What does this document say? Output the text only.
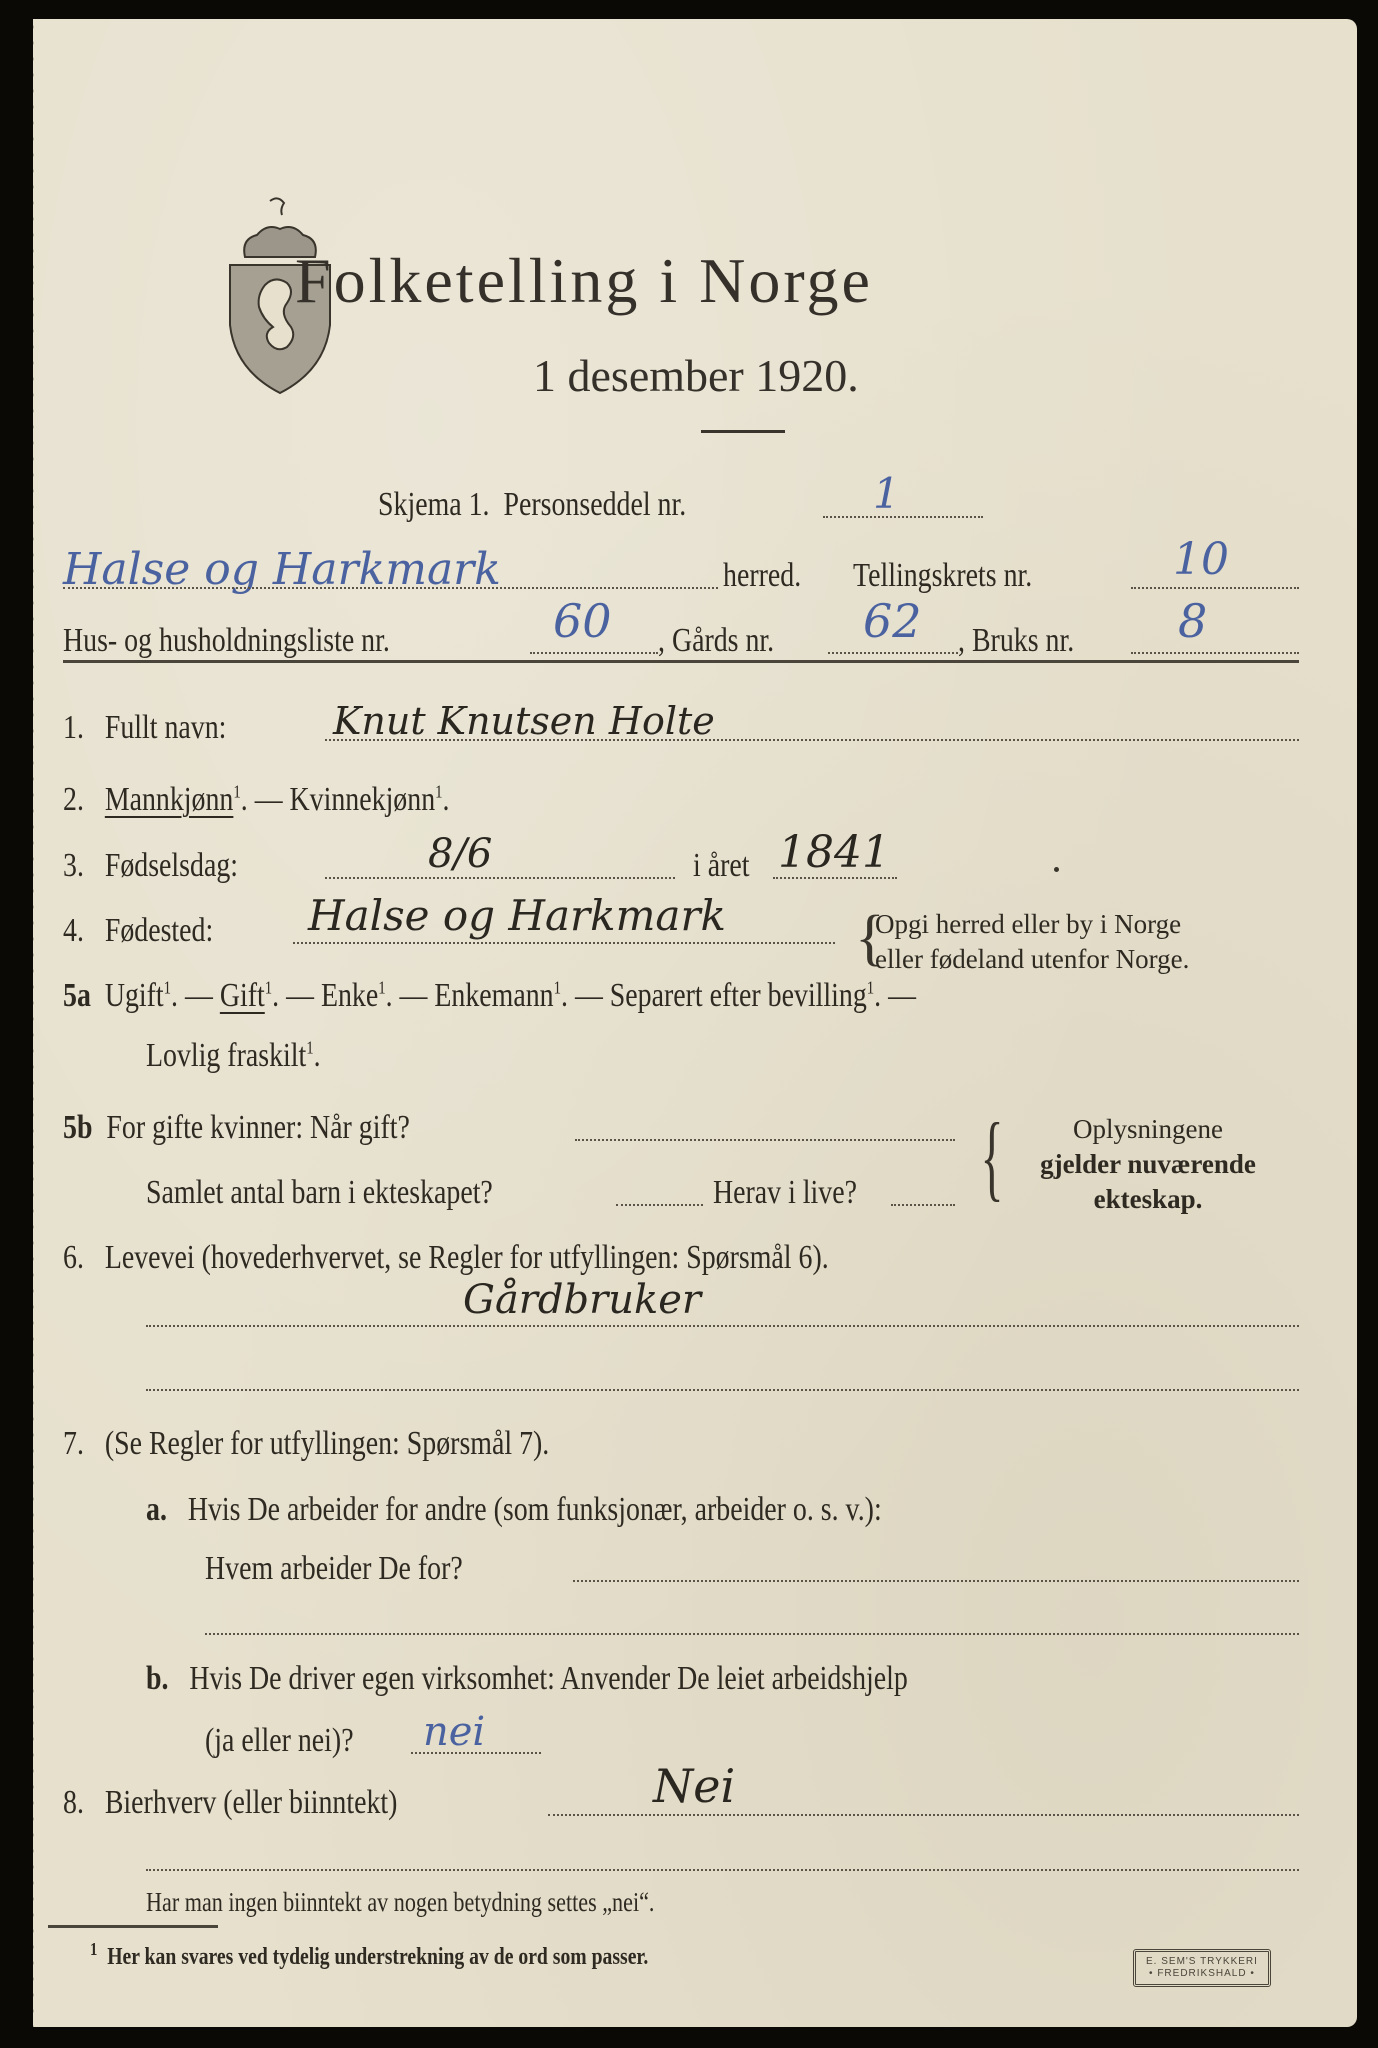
Folketelling i Norge
1 desember 1920.
Skjema 1. Personseddel nr.	1
Halse og Harkmark	herred.	Tellingskrets nr.	10
Hus- og husholdningsliste nr.	60 , Gårds nr.	62 , Bruks nr.	8
1. Fullt navn:	Knut Knutsen Holte
2. Mannkjønn$^1$. — Kvinnekjønn$^1$.
3. Fødselsdag:	8/6	i året 1841
4. Fødested:	Halse og Harkmark {
Opgi herred eller by i Norge
eller fødeland utenfor Norge.
5a Ugift$^1$. — Gift$^1$. — Enke$^1$. — Enkemann$^1$. — Separert efter bevilling$^1$. —
Lovlig fraskilt$^1$.
5b For gifte kvinner: Når gift?
Samlet antal barn i ekteskapet?	Herav i live?	{	Oplysningene
gjelder nuværende
ekteskap.
6. Levevei (hovederhvervet, se Regler for utfyllingen: Spørsmål 6).
Gårdbruker
7. (Se Regler for utfyllingen: Spørsmål 7).
a. Hvis De arbeider for andre (som funksjonær, arbeider o. s. v.):
Hvem arbeider De for?
b. Hvis De driver egen virksomhet: Anvender De leiet arbeidshjelp
(ja eller nei)?	nei
8. Bierhverv (eller biinntekt)	Nei
Har man ingen biinntekt av nogen betydning settes „nei“.
$^1$ Her kan svares ved tydelig understrekning av de ord som passer.	E. SEM'S TRYKKERI
• FREDRIKSHALD •
